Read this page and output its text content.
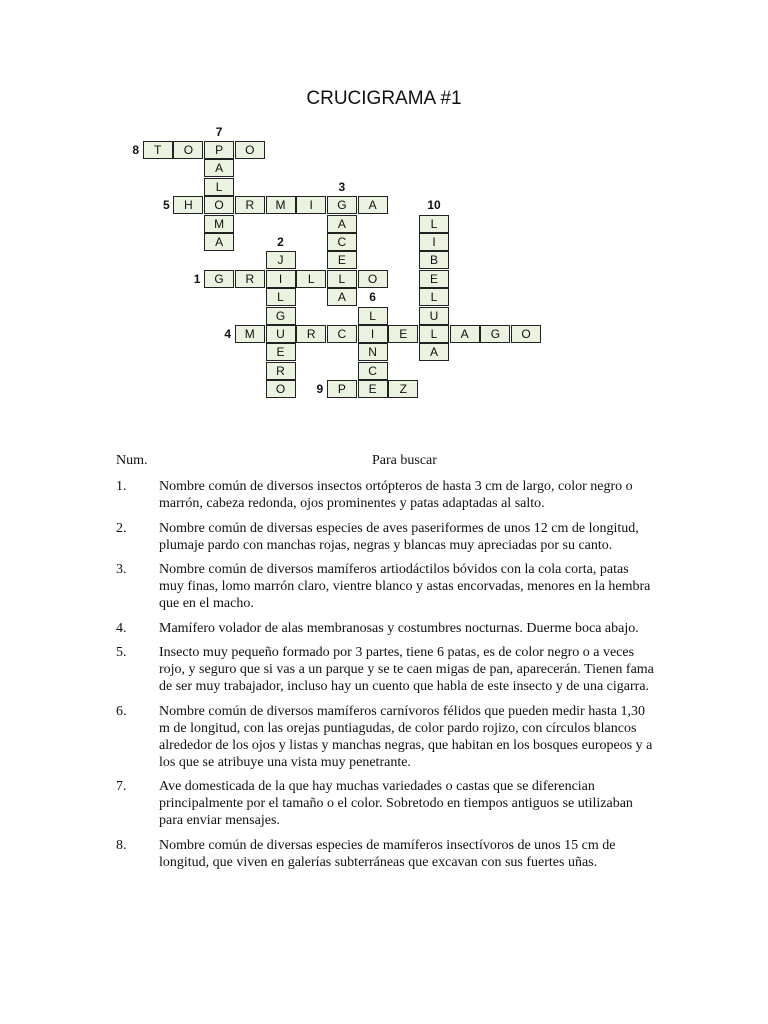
CRUCIGRAMA #1
T	O	P	O
8
H	O	R	M	I	G	A
5
G	R	I	L	L	O
1
M	U	R	C	I	E	L	A	G	O
4
P	E	Z
9
A
L
M
A
7
A
C
E
A
3
L
I
B
E
L
U
A
10
J
L
G
E
R
O
2
L
N
C
6
Num.	Para buscar
1.	Nombre común de diversos insectos ortópteros de hasta 3 cm de largo, color negro o marrón, cabeza redonda, ojos prominentes y patas adaptadas al salto.
2.	Nombre común de diversas especies de aves paseriformes de unos 12 cm de longitud, plumaje pardo con manchas rojas, negras y blancas muy apreciadas por su canto.
3.	Nombre común de diversos mamíferos artiodáctilos bóvidos con la cola corta, patas muy finas, lomo marrón claro, vientre blanco y astas encorvadas, menores en la hembra que en el macho.
4.	Mamífero volador de alas membranosas y costumbres nocturnas. Duerme boca abajo.
5.	Insecto muy pequeño formado por 3 partes, tiene 6 patas, es de color negro o a veces rojo, y seguro que si vas a un parque y se te caen migas de pan, aparecerán. Tienen fama de ser muy trabajador, incluso hay un cuento que habla de este insecto y de una cigarra.
6.	Nombre común de diversos mamíferos carnívoros félidos que pueden medir hasta 1,30 m de longitud, con las orejas puntiagudas, de color pardo rojizo, con círculos blancos alrededor de los ojos y listas y manchas negras, que habitan en los bosques europeos y a los que se atribuye una vista muy penetrante.
7.	Ave domesticada de la que hay muchas variedades o castas que se diferencian principalmente por el tamaño o el color. Sobretodo en tiempos antiguos se utilizaban para enviar mensajes.
8.	Nombre común de diversas especies de mamíferos insectívoros de unos 15 cm de longitud, que viven en galerías subterráneas que excavan con sus fuertes uñas.
